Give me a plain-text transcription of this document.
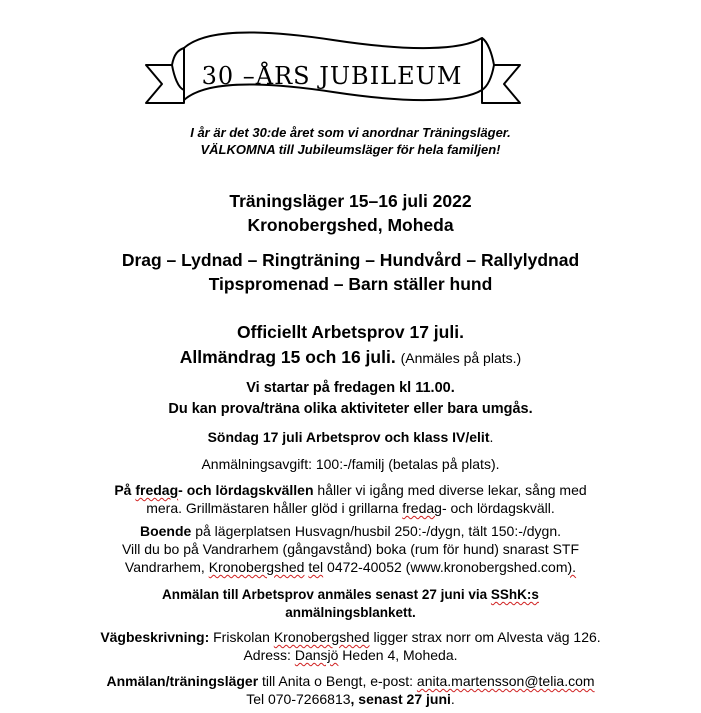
30 –ÅRS JUBILEUM
I år är det 30:de året som vi anordnar Träningsläger.
VÄLKOMNA till Jubileumsläger för hela familjen!
Träningsläger 15–16 juli 2022
Kronobergshed, Moheda
Drag – Lydnad – Ringträning – Hundvård – Rallylydnad
Tipspromenad – Barn ställer hund
Officiellt Arbetsprov 17 juli.
Allmändrag 15 och 16 juli. (Anmäles på plats.)
Vi startar på fredagen kl 11.00.
Du kan prova/träna olika aktiviteter eller bara umgås.
Söndag 17 juli Arbetsprov och klass IV/elit.
Anmälningsavgift: 100:-/familj (betalas på plats).
På fredag- och lördagskvällen håller vi igång med diverse lekar, sång med
mera. Grillmästaren håller glöd i grillarna fredag- och lördagskväll.
Boende på lägerplatsen Husvagn/husbil 250:-/dygn, tält 150:-/dygn.
Vill du bo på Vandrarhem (gångavstånd) boka (rum för hund) snarast STF
Vandrarhem, Kronobergshed tel 0472-40052 (www.kronobergshed.com).
Anmälan till Arbetsprov anmäles senast 27 juni via SShK:s
anmälningsblankett.
Vägbeskrivning: Friskolan Kronobergshed ligger strax norr om Alvesta väg 126.
Adress: Dansjö Heden 4, Moheda.
Anmälan/träningsläger till Anita o Bengt, e-post: anita.martensson@telia.com
Tel 070-7266813, senast 27 juni.
